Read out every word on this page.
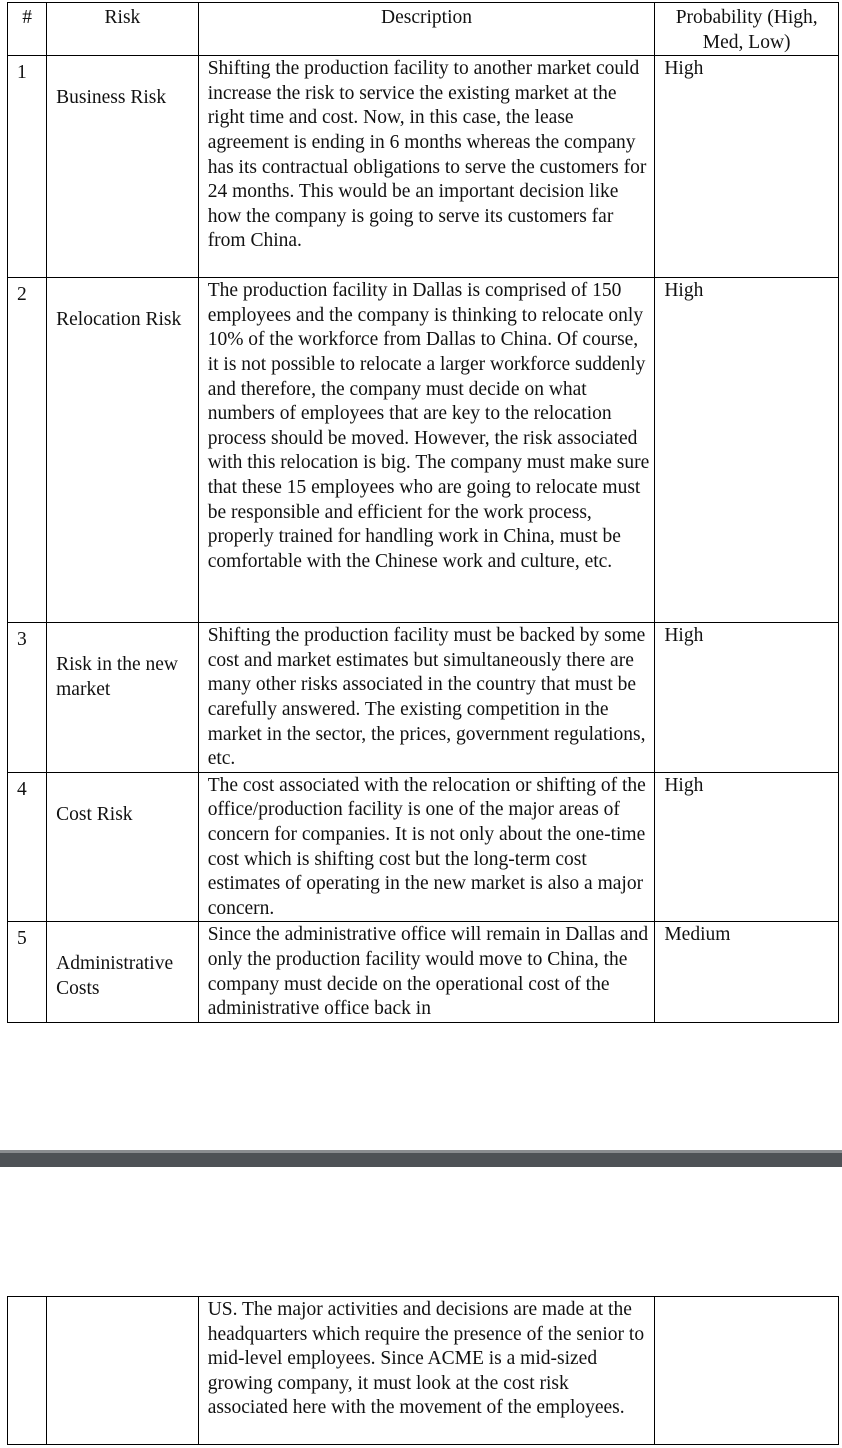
#	Risk	Description	Probability (High, Med, Low)
1	Business Risk	Shifting the production facility to another market could increase the risk to service the existing market at the right time and cost. Now, in this case, the lease agreement is ending in 6 months whereas the company has its contractual obligations to serve the customers for 24 months. This would be an important decision like how the company is going to serve its customers far from China.	High
2	Relocation Risk	The production facility in Dallas is comprised of 150 employees and the company is thinking to relocate only 10% of the workforce from Dallas to China. Of course, it is not possible to relocate a larger workforce suddenly and therefore, the company must decide on what numbers of employees that are key to the relocation process should be moved. However, the risk associated with this relocation is big. The company must make sure that these 15 employees who are going to relocate must be responsible and efficient for the work process, properly trained for handling work in China, must be comfortable with the Chinese work and culture, etc.	High
3	Risk in the new market	Shifting the production facility must be backed by some cost and market estimates but simultaneously there are many other risks associated in the country that must be carefully answered. The existing competition in the market in the sector, the prices, government regulations, etc.	High
4	Cost Risk	The cost associated with the relocation or shifting of the office/production facility is one of the major areas of concern for companies. It is not only about the one-time cost which is shifting cost but the long-term cost estimates of operating in the new market is also a major concern.	High
5	Administrative Costs	Since the administrative office will remain in Dallas and only the production facility would move to China, the company must decide on the operational cost of the administrative office back in	Medium
		US. The major activities and decisions are made at the headquarters which require the presence of the senior to mid-level employees. Since ACME is a mid-sized growing company, it must look at the cost risk associated here with the movement of the employees.	
